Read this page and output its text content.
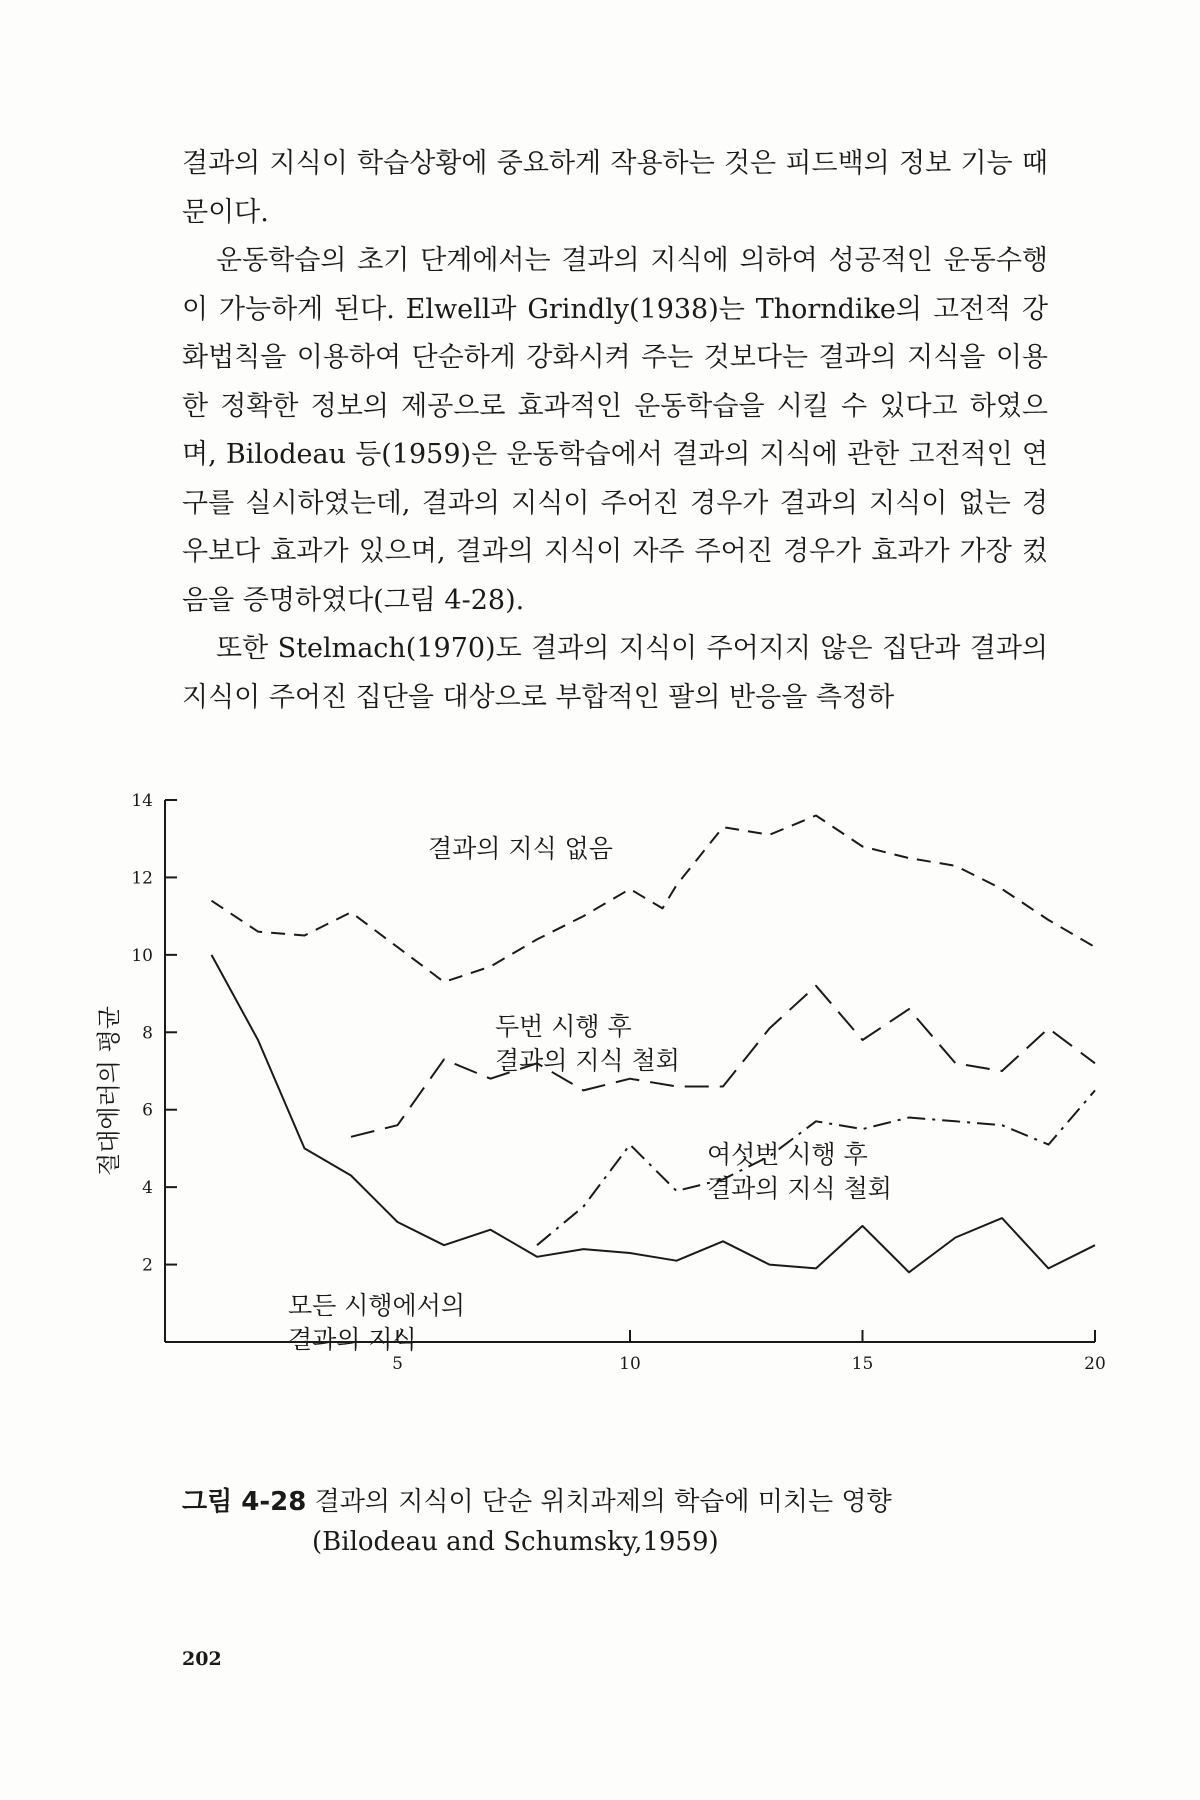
결과의 지식이 학습상황에 중요하게 작용하는 것은 피드백의 정보 기능 때문이다.

운동학습의 초기 단계에서는 결과의 지식에 의하여 성공적인 운동수행이 가능하게 된다. Elwell과 Grindly(1938)는 Thorndike의 고전적 강화법칙을 이용하여 단순하게 강화시켜 주는 것보다는 결과의 지식을 이용한 정확한 정보의 제공으로 효과적인 운동학습을 시킬 수 있다고 하였으며, Bilodeau 등(1959)은 운동학습에서 결과의 지식에 관한 고전적인 연구를 실시하였는데, 결과의 지식이 주어진 경우가 결과의 지식이 없는 경우보다 효과가 있으며, 결과의 지식이 자주 주어진 경우가 효과가 가장 컸음을 증명하였다(그림 4-28).

또한 Stelmach(1970)도 결과의 지식이 주어지지 않은 집단과 결과의 지식이 주어진 집단을 대상으로 부합적인 팔의 반응을 측정하

2
4
6
8
10
12
14
5	10	15	20
결과의 지식 없음
두번 시행 후
결과의 지식 철회
여섯번 시행 후
결과의 지식 철회
모든 시행에서의
결과의 지식
절대에러의 평균
그림 4-28 결과의 지식이 단순 위치과제의 학습에 미치는 영향
(Bilodeau and Schumsky,1959)
202
